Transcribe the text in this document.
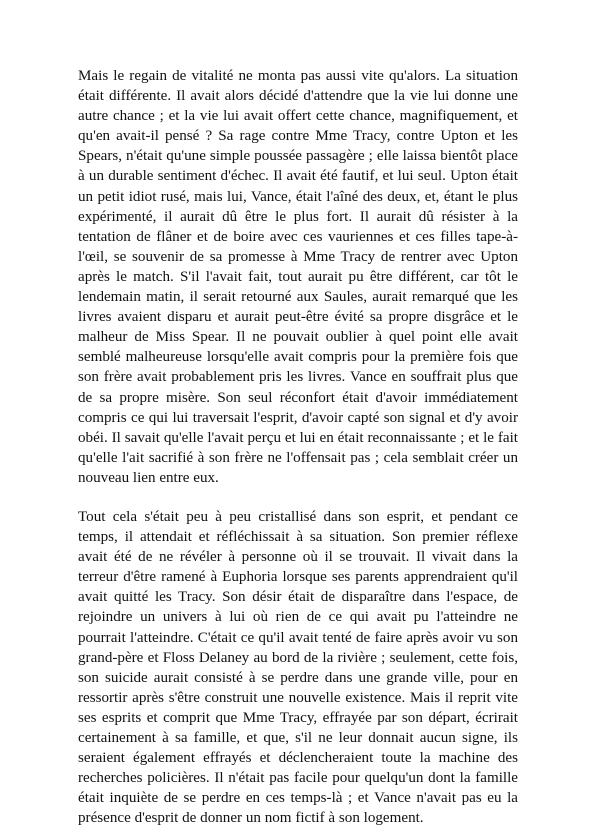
Mais le regain de vitalité ne monta pas aussi vite qu'alors. La situation était différente. Il avait alors décidé d'attendre que la vie lui donne une autre chance ; et la vie lui avait offert cette chance, magnifiquement, et qu'en avait-il pensé ? Sa rage contre Mme Tracy, contre Upton et les Spears, n'était qu'une simple poussée passagère ; elle laissa bientôt place à un durable sentiment d'échec. Il avait été fautif, et lui seul. Upton était un petit idiot rusé, mais lui, Vance, était l'aîné des deux, et, étant le plus expérimenté, il aurait dû être le plus fort. Il aurait dû résister à la tentation de flâner et de boire avec ces vauriennes et ces filles tape-à-l'œil, se souvenir de sa promesse à Mme Tracy de rentrer avec Upton après le match. S'il l'avait fait, tout aurait pu être différent, car tôt le lendemain matin, il serait retourné aux Saules, aurait remarqué que les livres avaient disparu et aurait peut-être évité sa propre disgrâce et le malheur de Miss Spear. Il ne pouvait oublier à quel point elle avait semblé malheureuse lorsqu'elle avait compris pour la première fois que son frère avait probablement pris les livres. Vance en souffrait plus que de sa propre misère. Son seul réconfort était d'avoir immédiatement compris ce qui lui traversait l'esprit, d'avoir capté son signal et d'y avoir obéi. Il savait qu'elle l'avait perçu et lui en était reconnaissante ; et le fait qu'elle l'ait sacrifié à son frère ne l'offensait pas ; cela semblait créer un nouveau lien entre eux.

Tout cela s'était peu à peu cristallisé dans son esprit, et pendant ce temps, il attendait et réfléchissait à sa situation. Son premier réflexe avait été de ne révéler à personne où il se trouvait. Il vivait dans la terreur d'être ramené à Euphoria lorsque ses parents apprendraient qu'il avait quitté les Tracy. Son désir était de disparaître dans l'espace, de rejoindre un univers à lui où rien de ce qui avait pu l'atteindre ne pourrait l'atteindre. C'était ce qu'il avait tenté de faire après avoir vu son grand-père et Floss Delaney au bord de la rivière ; seulement, cette fois, son suicide aurait consisté à se perdre dans une grande ville, pour en ressortir après s'être construit une nouvelle existence. Mais il reprit vite ses esprits et comprit que Mme Tracy, effrayée par son départ, écrirait certainement à sa famille, et que, s'il ne leur donnait aucun signe, ils seraient également effrayés et déclencheraient toute la machine des recherches policières. Il n'était pas facile pour quelqu'un dont la famille était inquiète de se perdre en ces temps-là ; et Vance n'avait pas eu la présence d'esprit de donner un nom fictif à son logement.
